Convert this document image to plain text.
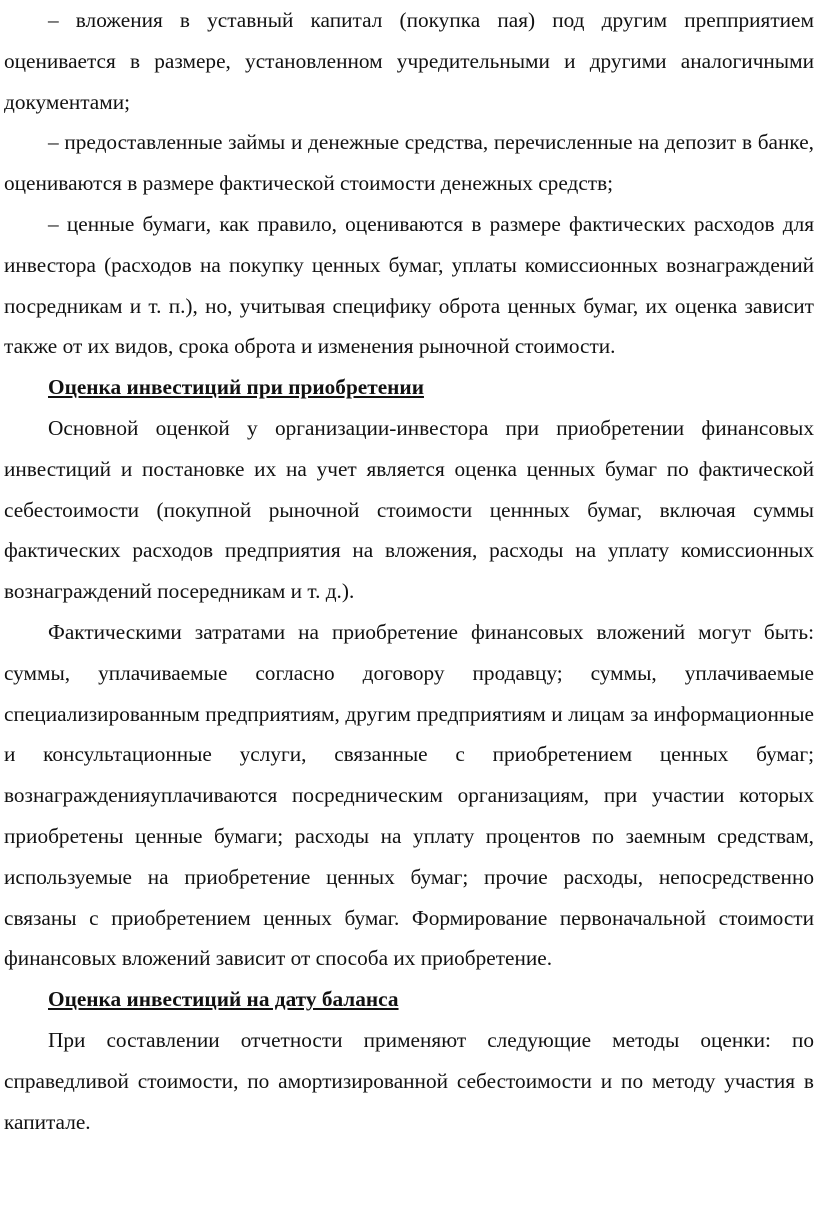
– вложения в уставный капитал (покупка пая) под другим препприятием оценивается в размере, установленном учредительными и другими аналогичными документами;

– предоставленные займы и денежные средства, перечисленные на депозит в банке, оцениваются в размере фактической стоимости денежных средств;

– ценные бумаги, как правило, оцениваются в размере фактических расходов для инвестора (расходов на покупку ценных бумаг, уплаты комиссионных вознаграждений посредникам и т. п.), но, учитывая специфику оброта ценных бумаг, их оценка зависит также от их видов, срока оброта и изменения рыночной стоимости.

Оценка инвестиций при приобретении

Основной оценкой у организации-инвестора при приобретении финансовых инвестиций и постановке их на учет является оценка ценных бумаг по фактической себестоимости (покупной рыночной стоимости ценнных бумаг, включая суммы фактических расходов предприятия на вложения, расходы на уплату комиссионных вознаграждений посередникам и т. д.).

Фактическими затратами на приобретение финансовых вложений могут быть: суммы, уплачиваемые согласно договору продавцу; суммы, уплачиваемые специализированным предприятиям, другим предприятиям и лицам за информационные и консультационные услуги, связанные с приобретением ценных бумаг; вознагражденияуплачиваются посредническим организациям, при участии которых приобретены ценные бумаги; расходы на уплату процентов по заемным средствам, используемые на приобретение ценных бумаг; прочие расходы, непосредственно связаны с приобретением ценных бумаг. Формирование первоначальной стоимости финансовых вложений зависит от способа их приобретение.

Оценка инвестиций на дату баланса

При составлении отчетности применяют следующие методы оценки: по справедливой стоимости, по амортизированной себестоимости и по методу участия в капитале.
